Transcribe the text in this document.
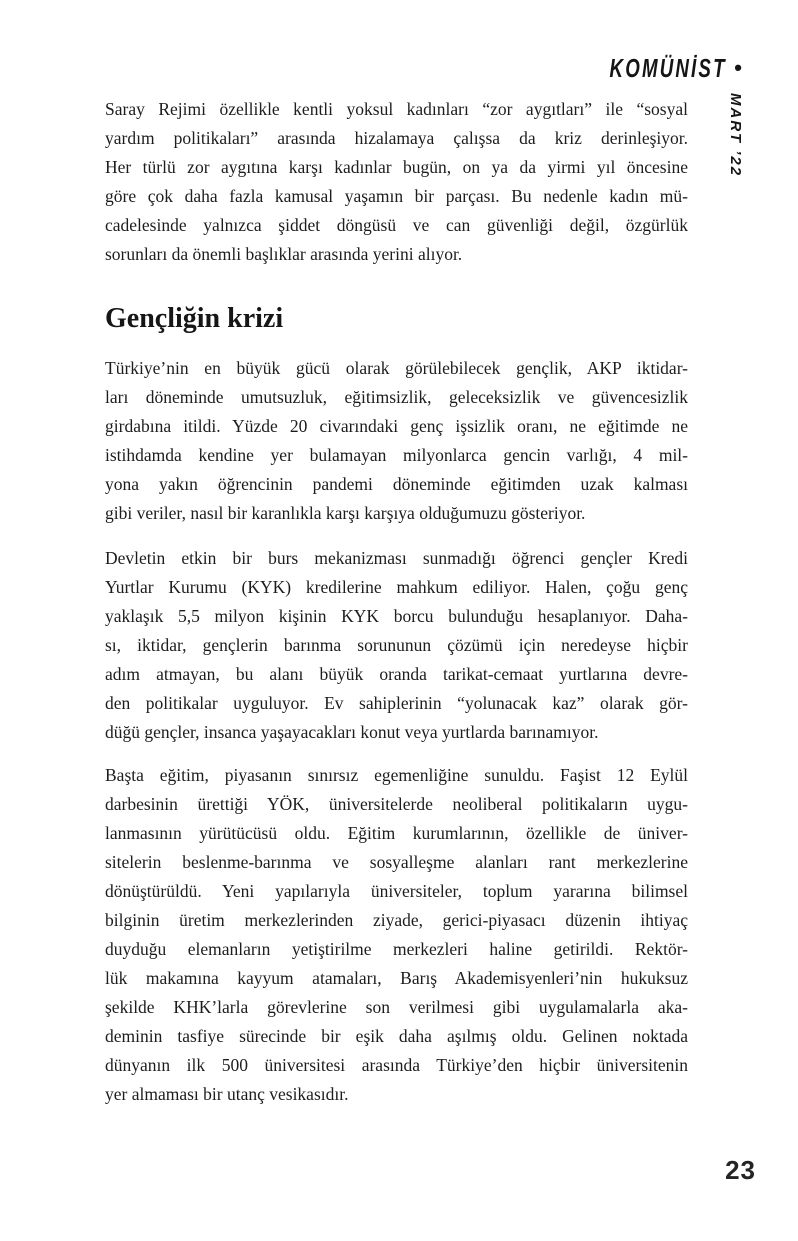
KOMÜNİST •
MART ’22
Saray Rejimi özellikle kentli yoksul kadınları “zor aygıtları” ile “sosyal
yardım politikaları” arasında hizalamaya çalışsa da kriz derinleşiyor.
Her türlü zor aygıtına karşı kadınlar bugün, on ya da yirmi yıl öncesine
göre çok daha fazla kamusal yaşamın bir parçası. Bu nedenle kadın mü-
cadelesinde yalnızca şiddet döngüsü ve can güvenliği değil, özgürlük
sorunları da önemli başlıklar arasında yerini alıyor.
Gençliğin krizi
Türkiye’nin en büyük gücü olarak görülebilecek gençlik, AKP iktidar-
ları döneminde umutsuzluk, eğitimsizlik, geleceksizlik ve güvencesizlik
girdabına itildi. Yüzde 20 civarındaki genç işsizlik oranı, ne eğitimde ne
istihdamda kendine yer bulamayan milyonlarca gencin varlığı, 4 mil-
yona yakın öğrencinin pandemi döneminde eğitimden uzak kalması
gibi veriler, nasıl bir karanlıkla karşı karşıya olduğumuzu gösteriyor.
Devletin etkin bir burs mekanizması sunmadığı öğrenci gençler Kredi
Yurtlar Kurumu (KYK) kredilerine mahkum ediliyor. Halen, çoğu genç
yaklaşık 5,5 milyon kişinin KYK borcu bulunduğu hesaplanıyor. Daha-
sı, iktidar, gençlerin barınma sorununun çözümü için neredeyse hiçbir
adım atmayan, bu alanı büyük oranda tarikat-cemaat yurtlarına devre-
den politikalar uyguluyor. Ev sahiplerinin “yolunacak kaz” olarak gör-
düğü gençler, insanca yaşayacakları konut veya yurtlarda barınamıyor.
Başta eğitim, piyasanın sınırsız egemenliğine sunuldu. Faşist 12 Eylül
darbesinin ürettiği YÖK, üniversitelerde neoliberal politikaların uygu-
lanmasının yürütücüsü oldu. Eğitim kurumlarının, özellikle de üniver-
sitelerin beslenme-barınma ve sosyalleşme alanları rant merkezlerine
dönüştürüldü. Yeni yapılarıyla üniversiteler, toplum yararına bilimsel
bilginin üretim merkezlerinden ziyade, gerici-piyasacı düzenin ihtiyaç
duyduğu elemanların yetiştirilme merkezleri haline getirildi. Rektör-
lük makamına kayyum atamaları, Barış Akademisyenleri’nin hukuksuz
şekilde KHK’larla görevlerine son verilmesi gibi uygulamalarla aka-
deminin tasfiye sürecinde bir eşik daha aşılmış oldu. Gelinen noktada
dünyanın ilk 500 üniversitesi arasında Türkiye’den hiçbir üniversitenin
yer almaması bir utanç vesikasıdır.
23
